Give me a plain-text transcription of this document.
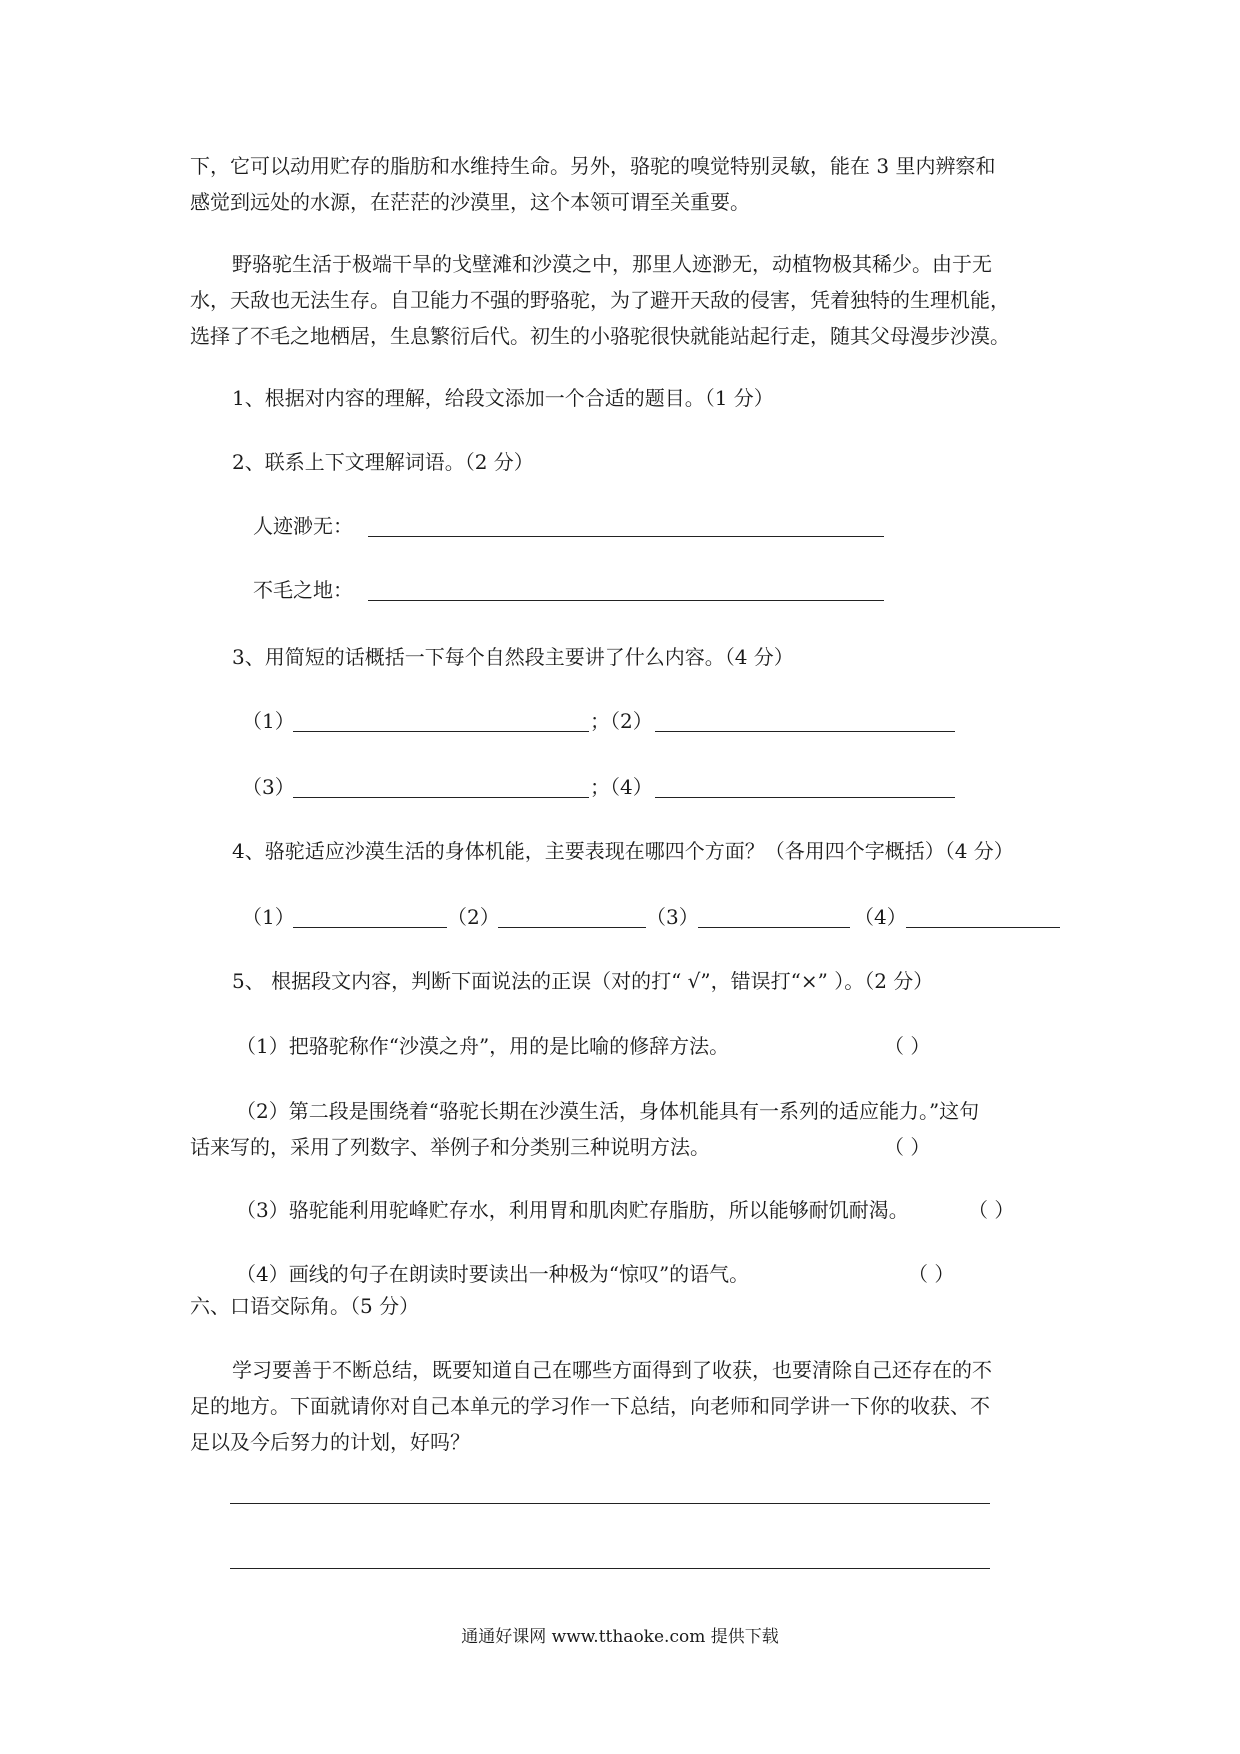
下，它可以动用贮存的脂肪和水维持生命。另外，骆驼的嗅觉特别灵敏，能在 3 里内辨察和

感觉到远处的水源，在茫茫的沙漠里，这个本领可谓至关重要。

野骆驼生活于极端干旱的戈壁滩和沙漠之中，那里人迹渺无，动植物极其稀少。由于无

水，天敌也无法生存。自卫能力不强的野骆驼，为了避开天敌的侵害，凭着独特的生理机能，

选择了不毛之地栖居，生息繁衍后代。初生的小骆驼很快就能站起行走，随其父母漫步沙漠。

1、根据对内容的理解，给段文添加一个合适的题目。（1 分）

2、联系上下文理解词语。（2 分）

人迹渺无：

不毛之地：

3、用简短的话概括一下每个自然段主要讲了什么内容。（4 分）

（1）	；（2）

（3）	；（4）

4、骆驼适应沙漠生活的身体机能，主要表现在哪四个方面？（各用四个字概括）（4 分）

（1）	（2）	（3）	（4）

5、 根据段文内容，判断下面说法的正误（对的打“ √”，错误打“×” ）。（2 分）

（1）把骆驼称作“沙漠之舟”，用的是比喻的修辞方法。	（ ）

（2）第二段是围绕着“骆驼长期在沙漠生活，身体机能具有一系列的适应能力。”这句

话来写的，采用了列数字、举例子和分类别三种说明方法。	（ ）

（3）骆驼能利用驼峰贮存水，利用胃和肌肉贮存脂肪，所以能够耐饥耐渴。	（ ）

（4）画线的句子在朗读时要读出一种极为“惊叹”的语气。	（ ）

六、口语交际角。（5 分）

学习要善于不断总结，既要知道自己在哪些方面得到了收获，也要清除自己还存在的不

足的地方。下面就请你对自己本单元的学习作一下总结，向老师和同学讲一下你的收获、不

足以及今后努力的计划，好吗？

通通好课网 www.tthaoke.com 提供下载
